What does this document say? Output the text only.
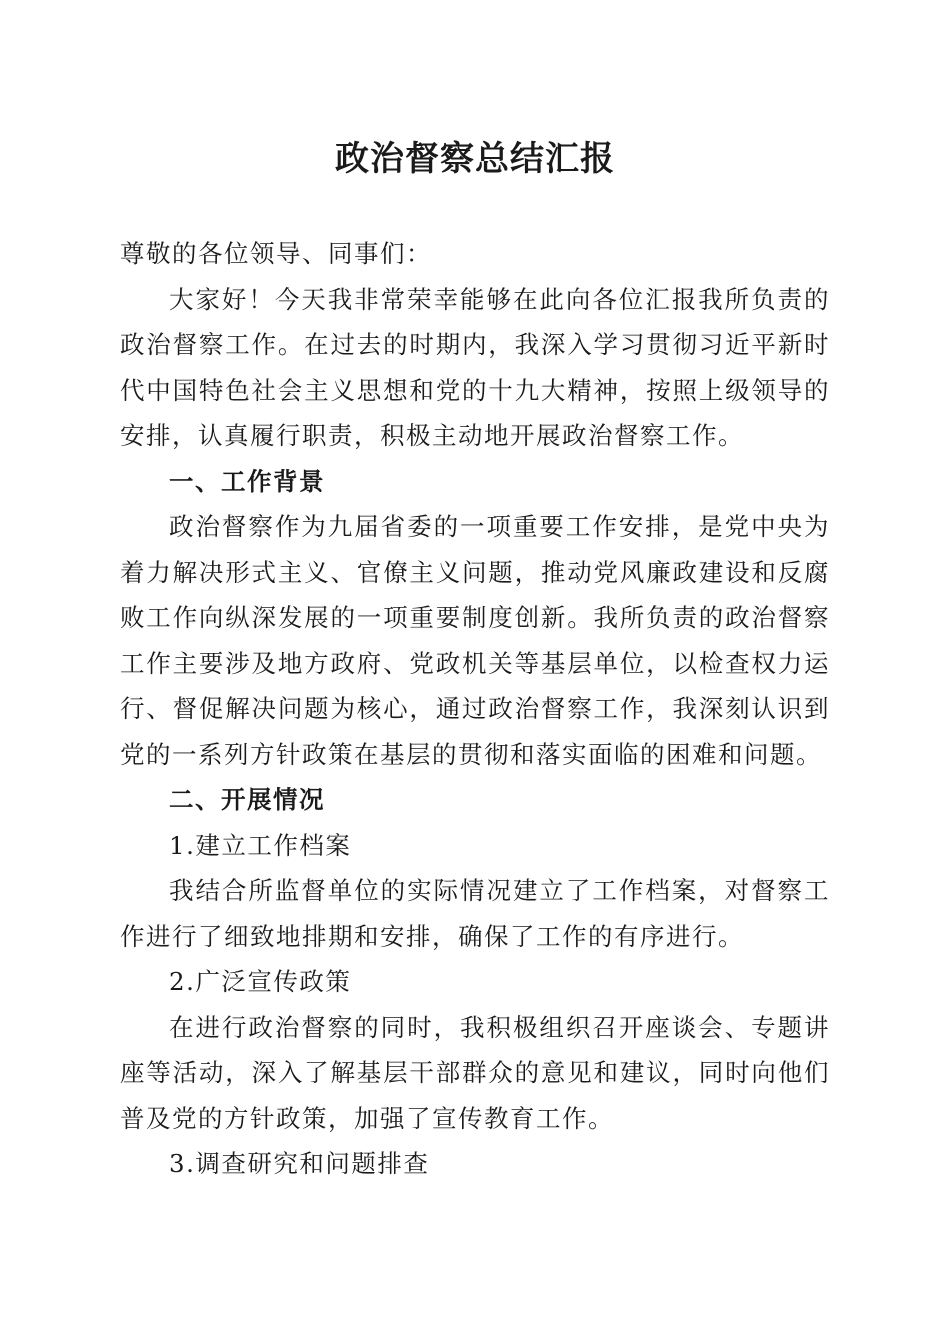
政治督察总结汇报

尊敬的各位领导、同事们：

大家好！今天我非常荣幸能够在此向各位汇报我所负责的政治督察工作。在过去的时期内，我深入学习贯彻习近平新时代中国特色社会主义思想和党的十九大精神，按照上级领导的安排，认真履行职责，积极主动地开展政治督察工作。

一、工作背景

政治督察作为九届省委的一项重要工作安排，是党中央为着力解决形式主义、官僚主义问题，推动党风廉政建设和反腐败工作向纵深发展的一项重要制度创新。我所负责的政治督察工作主要涉及地方政府、党政机关等基层单位，以检查权力运行、督促解决问题为核心，通过政治督察工作，我深刻认识到党的一系列方针政策在基层的贯彻和落实面临的困难和问题。

二、开展情况

1.建立工作档案

我结合所监督单位的实际情况建立了工作档案，对督察工作进行了细致地排期和安排，确保了工作的有序进行。

2.广泛宣传政策

在进行政治督察的同时，我积极组织召开座谈会、专题讲座等活动，深入了解基层干部群众的意见和建议，同时向他们普及党的方针政策，加强了宣传教育工作。

3.调查研究和问题排查
